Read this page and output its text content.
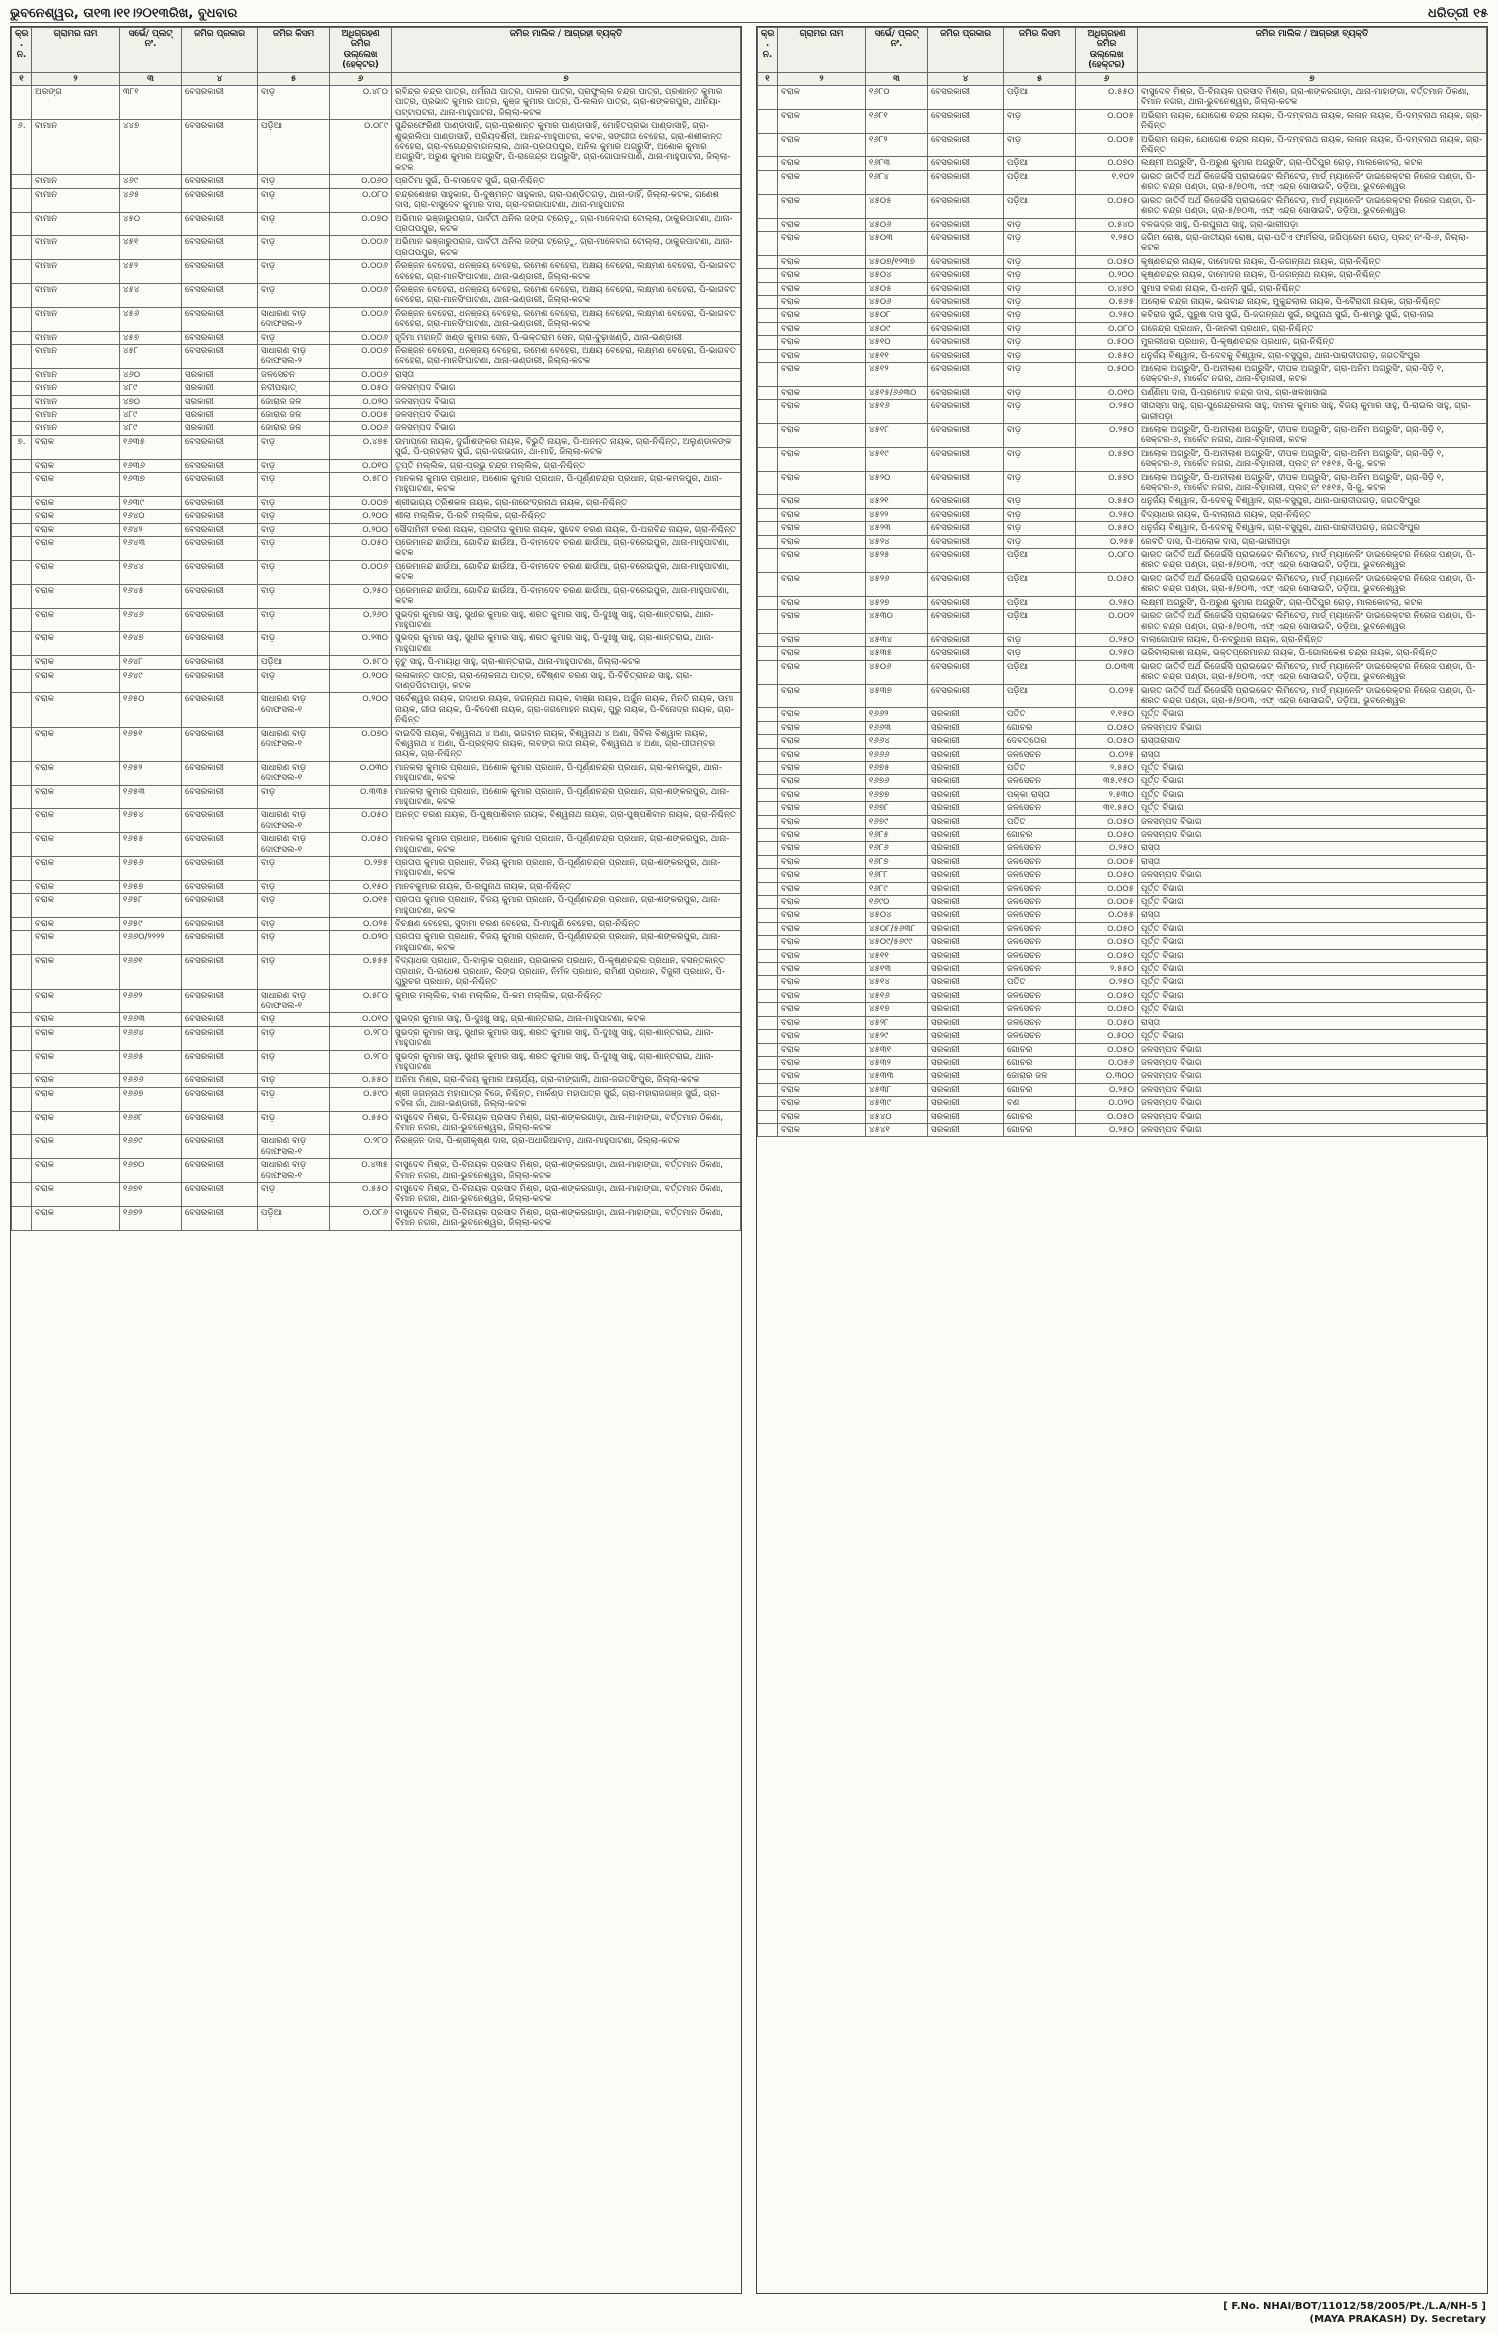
ଭୁବନେଶ୍ୱର, ତା୧୩।୧୧।୨୦୧୩ରିଖ, ବୁଧବାର	ଧରିତ୍ରୀ ୧୫
କ୍ର. ନ.	ଗ୍ରାମର ନାମ	ସର୍ଭେ/ ପ୍ଲଟ୍ ନଂ.	ଜମିର ପ୍ରକାର	ଜମିର କିସମ	ଅଧିଗ୍ରହଣ ଜମିର ଉଲ୍ଲେଖ (ହେକ୍ଟର)	ଜମିର ମାଲିକ / ଆଗ୍ରହୀ ବ୍ୟକ୍ତି
୧	୨	୩	୪	୫	୬	୭
	ଅରଙ୍ଗ	୩୮୧	ବେସରକାରୀ	ବାଡ଼	୦.୪୮୦	ରବିନ୍ଦ୍ର ଚନ୍ଦ୍ର ପାତ୍ର, ଧର୍ମନାଥ ପାତ୍ର, ପାଲର ପାତ୍ର, ପ୍ରଫୁଲ୍ଲ ଚନ୍ଦ୍ର ପାତ୍ର, ପ୍ରଶାନ୍ତ କୁମାର ପାତ୍ର, ପ୍ରଭାତ କୁମାର ପାତ୍ର, କୁଞ୍ଜ କୁମାର ପାତ୍ର, ପି-ଲଲନ ପାତ୍ର, ଗ୍ରା-ଶଙ୍କରପୁର, ଥାନିୟା-ପଟ୍ଟାପଟନା, ଥାନା-ମାହୁପାଟନା, ଜିଲ୍ଲା-କଟକ
୬.	ବାମାନ	୪୪୭	ବେସରକାରୀ	ପଡ଼ିଆ	୦.୦୮୯	ସୁନ୍ଦିରଫେରିଣୀ ପାଣ୍ଡାସାହି, ଗ୍ରା-ପ୍ରଶାନ୍ତ କୁମାର ପାଣ୍ଡାସାହି, ମୋହିତପ୍ରଭା ପାଣ୍ଡାସାହି, ଗ୍ରା-ଶୁଭ୍ରଲିପା ପାଣ୍ଡାସାହି, ପ୍ରିୟଦର୍ଶିନୀ, ଆନନ୍ଦ-ମାହୁପାଟନା, କଟକ, ସଙ୍ଗୀତା ବେହେରା, ଗ୍ରା-ଶଶୀକାନ୍ତ ବେହେରା, ଗ୍ରା-ବରେନ୍ଦ୍ରବାଗନଲାଲ, ଥାନା-ପ୍ରତାପପୁର, ଅନିଲ କୁମାର ଅଗ୍ରୁସିଂ, ଅଶୋକ କୁମାର ଅଗ୍ରୁସିଂ, ଅରୁଣ କୁମାର ଅଗ୍ରୁସିଂ, ପି-ରାଜେନ୍ଦ୍ର ଅଗ୍ରୁସିଂ, ଗ୍ରା-ଗୋପାଳପାଣି, ଥାନା-ମାହୁପାଟନା, ଜିଲ୍ଲା-କଟକ
	ବାମାନ	୪୬୯	ବେସରକାରୀ	ବାଡ଼	୦.୦୬୦	ପ୍ରତିମା ସୁଇଁ, ପି-ବାସଦେବ ସୁଇଁ, ଗ୍ରା-ନିଶ୍ଚିନ୍ତ
	ବାମାନ	୪୬୫	ବେସରକାରୀ	ବାଡ଼	୦.୦୮୦	ଚନ୍ଦ୍ରଶେଖର ସାହୁକାର, ପି-ଦୁଷ୍ମନ୍ତ ସାହୁକାର, ଗ୍ରା-ପଣ୍ଡିତଗଡ଼, ଥାନା-ଡାହିଁ, ଜିଲ୍ଲା-କଟକ, ଗଣେଶ ଦାସ, ଗ୍ରା-ବାସୁଦେବ କୁମାର ଦାସ, ଗ୍ରା-ଦରଗାପାଟଣା, ଥାନା-ମାହୁପାଟନା
	ବାମାନ	୪୫୦	ବେସରକାରୀ	ବାଡ଼	୦.୦୭୦	ଅଭିମାନ ଭଞ୍ଜାରୁପରାଜ, ପାର୍ବତୀ ଥନିଲ ଜଙ୍ଗ ଟ୍ରେଡ଼ୁ, ଗ୍ରା-ମାଳେବାଗ ଟୋଲ୍ଲା, ଠାକୁରପାଟଣା, ଥାନା-ପ୍ରତାପପୁର, କଟକ
	ବାମାନ	୪୫୧	ବେସରକାରୀ	ବାଡ଼	୦.୦୦୬	ଅଭିମାନ ଭଞ୍ଜାରୁପରାଜ, ପାର୍ବତୀ ଥନିଲ ଜଙ୍ଗ ଟ୍ରେଡ଼ୁ, ଗ୍ରା-ମାଳେବାଗ ଟୋଲ୍ଲା, ଠାକୁରପାଟଣା, ଥାନା-ପ୍ରତାପପୁର, କଟକ
	ବାମାନ	୪୫୨	ବେସରକାରୀ	ବାଡ଼	୦.୦୦୬	ନିରଞ୍ଜନ ବେହେରା, ଧନଞ୍ଜୟ ବେହେରା, ରମେଶ ବେହେରା, ଅକ୍ଷୟ ବେହେରା, ଲକ୍ଷ୍ମଣ ବେହେରା, ପି-ଭାଗବତ ବେହେରା, ଗ୍ରା-ମାନସିଂପାଟଣା, ଥାନା-ଭଣ୍ଡାରୀ, ଜିଲ୍ଲା-କଟକ
	ବାମାନ	୪୫୪	ବେସରକାରୀ	ବାଡ଼	୦.୦୦୬	ନିରଞ୍ଜନ ବେହେରା, ଧନଞ୍ଜୟ ବେହେରା, ରମେଶ ବେହେରା, ଅକ୍ଷୟ ବେହେରା, ଲକ୍ଷ୍ମଣ ବେହେରା, ପି-ଭାଗବତ ବେହେରା, ଗ୍ରା-ମାନସିଂପାଟଣା, ଥାନା-ଭଣ୍ଡାରୀ, ଜିଲ୍ଲା-କଟକ
	ବାମାନ	୪୫୬	ବେସରକାରୀ	ସାଧାରଣ ବାଡ଼ ଦୋଫସଲ-୨	୦.୦୦୬	ନିରଞ୍ଜନ ବେହେରା, ଧନଞ୍ଜୟ ବେହେରା, ରମେଶ ବେହେରା, ଅକ୍ଷୟ ବେହେରା, ଲକ୍ଷ୍ମଣ ବେହେରା, ପି-ଭାଗବତ ବେହେରା, ଗ୍ରା-ମାନସିଂପାଟଣା, ଥାନା-ଭଣ୍ଡାରୀ, ଜିଲ୍ଲା-କଟକ
	ବାମାନ	୪୫୭	ବେସରକାରୀ	ବାଡ଼	୦.୦୦୬	ହୃଦିମା ମହାନ୍ତି ଖଣ୍ଡ କୁମାର ସେନ, ପି-ଭକ୍ତରାମ ସେନ, ଗ୍ରା-ବୁଢ଼ାଖଣ୍ଡି, ଥାନା-ଭଣ୍ଡାରୀ
	ବାମାନ	୪୫୮	ବେସରକାରୀ	ସାଧାରଣ ବାଡ଼ ଦୋଫସଲ-୨	୦.୦୦୬	ନିରଞ୍ଜନ ବେହେରା, ଧନଞ୍ଜୟ ବେହେରା, ରମେଶ ବେହେରା, ଅକ୍ଷୟ ବେହେରା, ଲକ୍ଷ୍ମଣ ବେହେରା, ପି-ଭାଗବତ ବେହେରା, ଗ୍ରା-ମାନସିଂପାଟଣା, ଥାନା-ଭଣ୍ଡାରୀ, ଜିଲ୍ଲା-କଟକ
	ବାମାନ	୪୬୦	ସରକାରୀ	ଜଳସେଚନ	୦.୦୦୬	ରାସ୍ତା
	ବାମାନ	୪୮୯	ସରକାରୀ	ନଦୀପଶ୍ଚାତ୍	୦.୦୫୦	ଜଳସମ୍ପଦ ବିଭାଗ
	ବାମାନ	୪୭୦	ସରକାରୀ	ଜୋରାର ଜଳ	୦.୦୨୦	ଜଳସମ୍ପଦ ବିଭାଗ
	ବାମାନ	୪୮୯	ସରକାରୀ	ଜୋରାର ଜଳ	୦.୦୦୫	ଜଳସମ୍ପଦ ବିଭାଗ
	ବାମାନ	୪୮୯	ସରକାରୀ	ଜୋରାର ଜଳ	୦.୦୦୬	ଜଳସମ୍ପଦ ବିଭାଗ
୭.	ବରାକ	୧୬୩୫	ବେସରକାରୀ	ବାଡ଼	୦.୪୭୫	ଉମାପ୍ରେ ନାୟକ, ଦୁର୍ଗାଶଙ୍କର ନାୟକ, ବିଭୁତି ନାୟକ, ପି-ଅନନ୍ତ ନାୟକ, ଗ୍ରା-ନିଶ୍ଚିନ୍ତ, ଅଲୁଣ୍ଡାଳଙ୍କ ସୁଇଁ, ପି-ପ୍ରହଲାଦ ସୁଇଁ, ଗ୍ରା-ଜଗଭଗନ, ଥା-ମାହି, ଜିଲ୍ଲା-କଟକ
	ବରାକ	୧୬୩୬	ବେସରକାରୀ	ବାଡ଼	୦.୦୧୦	ତୃପ୍ତି ମଲ୍ଲିକ, ଗ୍ରା-ପ୍ରଭୁ ଚନ୍ଦ୍ର ମଲ୍ଲିକ, ଗ୍ରା-ନିଶ୍ଚିନ୍ତ
	ବରାକ	୧୬୩୭	ବେସରକାରୀ	ବାଡ଼	୦.୫୮୦	ମାନକଲା କୁମାର ପ୍ରଧାନ, ଅଶୋକ କୁମାର ପ୍ରଧାନ, ପି-ପୂର୍ଣ୍ଣଚନ୍ଦ୍ର ପ୍ରଧାନ, ଗ୍ରା-କମଳପୁର, ଥାନା-ମାହୁପାଟଣା, କଟକ
	ବରାକ	୧୬୩୯	ବେସରକାରୀ	ବାଡ଼	୦.୦୦୭	ଶ୍ରୀଭାଗ୍ୟ ତ୍ରିଶକଳ ନାୟକ, ଗ୍ରା-ନାରେଂଦ୍ରନାଥ ନାୟକ, ଗ୍ରା-ନିଶ୍ଚିନ୍ତ
	ବରାକ	୧୬୪୦	ବେସରକାରୀ	ବାଡ଼	୦.୨୦୦	ଶୀଲା ମଲ୍ଲିକ, ପି-ରବି ମଲ୍ଲିକ, ଗ୍ରା-ନିଶ୍ଚିନ୍ତ
	ବରାକ	୧୬୪୨	ବେସରକାରୀ	ବାଡ଼	୦.୨୦୦	ସୌଦାମିନୀ ଚରଣ ନାୟକ, ପ୍ରଦୀପ କୁମାର ନାୟକ, ସୁଦେବ ଚରଣ ନାୟକ, ପି-ଅରବିନ୍ଦ ନାୟକ, ଗ୍ରା-ନିଶ୍ଚିନ୍ତ
	ବରାକ	୧୬୪୩	ବେସରକାରୀ	ବାଡ଼	୦.୦୫୦	ପ୍ରେମାନନ୍ଦ ଛାଉଁଆ, ଗୋବିନ୍ଦ ଛାଉଁଆ, ପି-ବାମଦେବ ଚରଣ ଛାଉଁଆ, ଗ୍ରା-ବରେଇପୁର, ଥାନା-ମାହୁପାଟଣା, କଟକ
	ବରାକ	୧୬୪୪	ବେସରକାରୀ	ବାଡ଼	୦.୦୦୬	ପ୍ରେମାନନ୍ଦ ଛାଉଁଆ, ଗୋବିନ୍ଦ ଛାଉଁଆ, ପି-ବାମଦେବ ଚରଣ ଛାଉଁଆ, ଗ୍ରା-ବରେଇପୁର, ଥାନା-ମାହୁପାଟଣା, କଟକ
	ବରାକ	୧୬୪୫	ବେସରକାରୀ	ବାଡ଼	୦.୨୫୦	ପ୍ରେମାନନ୍ଦ ଛାଉଁଆ, ଗୋବିନ୍ଦ ଛାଉଁଆ, ପି-ବାମଦେବ ଚରଣ ଛାଉଁଆ, ଗ୍ରା-ବରେଇପୁର, ଥାନା-ମାହୁପାଟଣା, କଟକ
	ବରାକ	୧୬୪୬	ବେସରକାରୀ	ବାଡ଼	୦.୨୬୦	ସୁଭଦ୍ର କୁମାର ସାହୁ, ସୁଧୀର କୁମାର ସାହୁ, ଶରତ କୁମାର ସାହୁ, ପି-ଦୁଃଖୁ ସାହୁ, ଗ୍ରା-ଶାନ୍ତରାଇ, ଥାନା-ମାହୁପାଟଣା
	ବରାକ	୧୬୪୭	ବେସରକାରୀ	ବାଡ଼	୦.୨୩୦	ସୁଭଦ୍ର କୁମାର ସାହୁ, ସୁଧୀର କୁମାର ସାହୁ, ଶରତ କୁମାର ସାହୁ, ପି-ଦୁଃଖୁ ସାହୁ, ଗ୍ରା-ଶାନ୍ତରାଇ, ଥାନା-ମାହୁପାଟଣା
	ବରାକ	୧୬୪୮	ବେସରକାରୀ	ପଡ଼ିଆ	୦.୫୮୦	ନୁଟୁ ସାହୁ, ପି-ମାୟାଧି ସାହୁ, ଗ୍ରା-ଶାନ୍ତରାଇ, ଥାନା-ମାହୁପାଟଣା, ଜିଲ୍ଲା-କଟକ
	ବରାକ	୧୬୪୯	ବେସରକାରୀ	ବାଡ଼	୦.୨୦୦	ଲଳାକାନ୍ତ ପାତ୍ର, ଗ୍ରା-ଲୋକନାଥ ପାତ୍ର, ବୈଷ୍ଣବ ଚରଣ ସାହୁ, ପି-ବିଚିତ୍ରାନନ୍ଦ ସାହୁ, ଗ୍ରା-ଦାଣ୍ଡପିଟାପାଡ଼ା, କଟକ
	ବରାକ	୧୬୫୦	ବେସରକାରୀ	ସାଧାରଣ ବାଡ଼ ଦୋଫସଲ-୧	୦.୨୦୦	ସର୍ବେଶ୍ୱର ନାୟକ, ଗଦାଧର ନାୟକ, ଜଗନ୍ନାଥ ନାୟକ, ବାଞ୍ଛା ନାୟକ, ଅର୍ଜୁନ ନାୟକ, ମିନତି ନାୟକ, ଉମା ନାୟକ, ଗୀତା ନାୟକ, ପି-ବିଦେଶୀ ନାୟକ, ଗ୍ରା-ଜଗମୋହନ ନାୟକ, ପୁରୁ ନାୟକ, ପି-ବିନୋଦ୍ର ନାୟକ, ଗ୍ରା-ନିଶ୍ଚିନ୍ତ
	ବରାକ	୧୬୫୧	ବେସରକାରୀ	ସାଧାରଣ ବାଡ଼ ଦୋଫସଲ-୧	୦.୦୭୦	ବାଇଦିସି ନାୟକ, ବିଶ୍ୱନାଥ ୪ ଅଣା, ଭଗବାନ ନାୟକ, ବିଶ୍ୱନାଥ ୪ ଅଣା, ସିବିଲ ବିଶ୍ୱାଳ ନାୟକ, ବିଶ୍ୱନାଥ ୪ ଅଣା, ପି-ପ୍ରହ୍ଲାଦ ନାୟକ, ଲବଙ୍ଗ ଲତା ନାୟକ, ବିଶ୍ୱନାଥ ୪ ଅଣା, ଗ୍ରା-ପୀତାମ୍ବର ନାୟକ, ଗ୍ରା-ନିଶ୍ଚିନ୍ତ
	ବରାକ	୧୬୫୨	ବେସରକାରୀ	ସାଧାରଣ ବାଡ଼ ଦୋଫସଲ-୧	୦.୦୩୦	ମାନକଲା କୁମାର ପ୍ରଧାନ, ଅଶୋକ କୁମାର ପ୍ରଧାନ, ପି-ପୂର୍ଣ୍ଣଚନ୍ଦ୍ର ପ୍ରଧାନ, ଗ୍ରା-କମଳପୁର, ଥାନା-ମାହୁପାଟଣା, କଟକ
	ବରାକ	୧୬୫୩	ବେସରକାରୀ	ବାଡ଼	୦.୩୩୫	ମାନକଲା କୁମାର ପ୍ରଧାନ, ଅଶୋକ କୁମାର ପ୍ରଧାନ, ପି-ପୂର୍ଣ୍ଣଚନ୍ଦ୍ର ପ୍ରଧାନ, ଗ୍ରା-ଶଙ୍କରପୁର, ଥାନା-ମାହୁପାଟଣା, କଟକ
	ବରାକ	୧୬୫୪	ବେସରକାରୀ	ସାଧାରଣ ବାଡ଼ ଦୋଫସଲ-୧	୦.୦୫୦	ଅନନ୍ତ ଚରଣ ନାୟକ, ପି-ପୁଷ୍ପାଶିବାନ ନାୟକ, ବିଶ୍ୱନାଥ ନାୟକ, ଗ୍ରା-ପୁଷ୍ପଶିବାନ ନାୟକ, ଗ୍ରା-ନିଶ୍ଚିନ୍ତ
	ବରାକ	୧୬୫୫	ବେସରକାରୀ	ସାଧାରଣ ବାଡ଼ ଦୋଫସଲ-୧	୦.୦୫୦	ମାନକଲା କୁମାର ପ୍ରଧାନ, ଅଶୋକ କୁମାର ପ୍ରଧାନ, ପି-ପୂର୍ଣ୍ଣଚନ୍ଦ୍ର ପ୍ରଧାନ, ଗ୍ରା-ଶଙ୍କରପୁର, ଥାନା-ମାହୁପାଟଣା, କଟକ
	ବରାକ	୧୬୫୬	ବେସରକାରୀ	ବାଡ଼	୦.୨୭୫	ପ୍ରତାପ କୁମାର ପ୍ରଧାନ, ବିଜୟ କୁମାର ପ୍ରଧାନ, ପି-ପୂର୍ଣ୍ଣଚନ୍ଦ୍ର ପ୍ରଧାନ, ଗ୍ରା-ଶଙ୍କରପୁର, ଥାନା-ମାହୁପାଟଣା, କଟକ
	ବରାକ	୧୬୫୭	ବେସରକାରୀ	ବାଡ଼	୦.୧୫୦	ମାନବକୁମାର ନାୟକ, ପି-ରଘୁନାଥ ନାୟକ, ଗ୍ରା-ନିଶ୍ଚିନ୍ତ
	ବରାକ	୧୬୫୮	ବେସରକାରୀ	ବାଡ଼	୦.୦୧୫	ପ୍ରତାପ କୁମାର ପ୍ରଧାନ, ବିଜୟ କୁମାର ପ୍ରଧାନ, ପି-ପୂର୍ଣ୍ଣଚନ୍ଦ୍ର ପ୍ରଧାନ, ଗ୍ରା-ଶଙ୍କରପୁର, ଥାନା-ମାହୁପାଟଣା, କଟକ
	ବରାକ	୧୬୫୯	ବେସରକାରୀ	ବାଡ଼	୦.୦୨୫	ବିଚକ୍ଷଣ ବେହେରା, ସୁଦାମା ଚରଣ ବେହେରା, ପି-ମାଗୁଣି ବେହେରା, ଗ୍ରା-ନିଶ୍ଚିନ୍ତ
	ବରାକ	୧୬୬୦/୨୨୨୨	ବେସରକାରୀ	ବାଡ଼	୦.୦୨୦	ପ୍ରତାପ କୁମାର ପ୍ରଧାନ, ବିଜୟ କୁମାର ପ୍ରଧାନ, ପି-ପୂର୍ଣ୍ଣଚନ୍ଦ୍ର ପ୍ରଧାନ, ଗ୍ରା-ଶଙ୍କରପୁର, ଥାନା-ମାହୁପାଟଣା, କଟକ
	ବରାକ	୧୬୬୧	ବେସରକାରୀ	ବାଡ଼	୦.୫୫୫	ବିଦ୍ୟାଧର ପ୍ରଧାନ, ପି-ବାଲୁକ ପ୍ରଧାନ, ପ୍ରଭାକର ପ୍ରଧାନ, ପି-କୃଷ୍ଣଚନ୍ଦ୍ର ପ୍ରଧାନ, ବସନ୍ତକାନ୍ତ ପ୍ରଧାନ, ପି-ରାଧେଶ ପ୍ରଧାନ, ଲିଙ୍ଗ ପ୍ରଧାନ, ନିର୍ମଳ ପ୍ରଧାନ, ରାମିଣୀ ପ୍ରଧାନ, ବିଜୁଳୀ ପ୍ରଧାନ, ପି-ଗୁରୁଚର ପ୍ରଧାନ, ଗ୍ରା-ନିଶ୍ଚିନ୍ତ
	ବରାକ	୧୬୬୨	ବେସରକାରୀ	ସାଧାରଣ ବାଡ଼ ଦୋଫସଲ-୧	୦.୫୮୦	କୁମାର ମଲ୍ଲିକ, ବାଣ ମଲ୍ଲିକ, ପି-କମ ମଲ୍ଲିକ, ଗ୍ରା-ନିଶ୍ଚିନ୍ତ
	ବରାକ	୧୬୬୩	ବେସରକାରୀ	ବାଡ଼	୦.୦୧୦	ସୁଭଦ୍ର କୁମାର ସାହୁ, ପି-ଦୁଃଖୁ ସାହୁ, ଗ୍ରା-ଶାନ୍ତରାଇ, ଥାନା-ମାହୁପାଟଣା, କଟକ
	ବରାକ	୧୬୬୪	ବେସରକାରୀ	ବାଡ଼	୦.୨୮୦	ସୁଭଦ୍ର କୁମାର ସାହୁ, ସୁଧୀର କୁମାର ସାହୁ, ଶରତ କୁମାର ସାହୁ, ପି-ଦୁଃଖୁ ସାହୁ, ଗ୍ରା-ଶାନ୍ତରାଇ, ଥାନା-ମାହୁପାଟଣା
	ବରାକ	୧୬୬୫	ବେସରକାରୀ	ବାଡ଼	୦.୨୮୦	ସୁଭଦ୍ର କୁମାର ସାହୁ, ସୁଧୀର କୁମାର ସାହୁ, ଶରତ କୁମାର ସାହୁ, ପି-ଦୁଃଖୁ ସାହୁ, ଗ୍ରା-ଶାନ୍ତରାଇ, ଥାନା-ମାହୁପାଟଣା
	ବରାକ	୧୬୬୬	ବେସରକାରୀ	ବାଡ଼	୦.୫୫୦	ଅନିମା ମିଶ୍ର, ଗ୍ରା-ବିଜୟ କୁମାର ଆଚାର୍ଯ୍ୟ, ଗ୍ରା-ବାଙ୍ଗାଲି, ଥାନା-ଜଗତସିଂପୁର, ଜିଲ୍ଲା-କଟକ
	ବରାକ	୧୬୬୭	ବେସରକାରୀ	ବାଡ଼	୦.୫୯୦	ଶ୍ରୀ ଜଗନ୍ନାଥ ମହାପାତ୍ର ବିଜେ, ନିଶ୍ଚିନ୍ତ, ମାର୍କଣ୍ଡ ମହାପାତ୍ର ସୁଇଁ, ଗ୍ରା-ମହାରାଜଗଞ୍ଜ ସୁଇଁ, ଗ୍ରା-ବହିଳା ଗାଁ, ଥାନା-ଭଣ୍ଡାରୀ, ଜିଲ୍ଲା-କଟକ
	ବରାକ	୧୬୬୮	ବେସରକାରୀ	ବାଡ଼	୦.୫୫୦	ବାସୁଦେବ ମିଶ୍ର, ପି-ବିନାୟକ ପ୍ରସାଦ ମିଶ୍ର, ଗ୍ରା-ଶଙ୍କରଗାଡ଼ା, ଥାନା-ମାହାଙ୍ଗା, ବର୍ତ୍ତମାନ ଠିକଣା, ବିମାନ ନଗର, ଥାନା-ଭୁବନେଶ୍ୱର, ଜିଲ୍ଲା-କଟକ
	ବରାକ	୧୬୬୯	ବେସରକାରୀ	ସାଧାରଣ ବାଡ଼ ଦୋଫସଲ-୧	୦.୨୮୦	ନିରଞ୍ଜନ ଦାସ, ପି-ଶ୍ରୀକୃଷ୍ଣ ଦାସ, ଗ୍ରା-ଅଧାରିଆବାଡ଼, ଥାନା-ମାହୁପାଟଣା, ଜିଲ୍ଲା-କଟକ
	ବରାକ	୧୬୭୦	ବେସରକାରୀ	ସାଧାରଣ ବାଡ଼ ଦୋଫସଲ-୧	୦.୪୩୫	ବାସୁଦେବ ମିଶ୍ର, ପି-ବିନାୟକ ପ୍ରସାଦ ମିଶ୍ର, ଗ୍ରା-ଶଙ୍କରଗାଡ଼ା, ଥାନା-ମାହାଙ୍ଗା, ବର୍ତ୍ତମାନ ଠିକଣା, ବିମାନ ନଗର, ଥାନା-ଭୁବନେଶ୍ୱର, ଜିଲ୍ଲା-କଟକ
	ବରାକ	୧୬୭୧	ବେସରକାରୀ	ବାଡ଼	୦.୫୫୦	ବାସୁଦେବ ମିଶ୍ର, ପି-ବିନାୟକ ପ୍ରସାଦ ମିଶ୍ର, ଗ୍ରା-ଶଙ୍କରଗାଡ଼ା, ଥାନା-ମାହାଙ୍ଗା, ବର୍ତ୍ତମାନ ଠିକଣା, ବିମାନ ନଗର, ଥାନା-ଭୁବନେଶ୍ୱର, ଜିଲ୍ଲା-କଟକ
	ବରାକ	୧୬୭୨	ବେସରକାରୀ	ପଡ଼ିଆ	୦.୦୮୬	ବାସୁଦେବ ମିଶ୍ର, ପି-ବିନାୟକ ପ୍ରସାଦ ମିଶ୍ର, ଗ୍ରା-ଶଙ୍କରଗାଡ଼ା, ଥାନା-ମାହାଙ୍ଗା, ବର୍ତ୍ତମାନ ଠିକଣା, ବିମାନ ନଗର, ଥାନା-ଭୁବନେଶ୍ୱର, ଜିଲ୍ଲା-କଟକ
କ୍ର. ନ.	ଗ୍ରାମର ନାମ	ସର୍ଭେ/ ପ୍ଲଟ୍ ନଂ.	ଜମିର ପ୍ରକାର	ଜମିର କିସମ	ଅଧିଗ୍ରହଣ ଜମିର ଉଲ୍ଲେଖ (ହେକ୍ଟର)	ଜମିର ମାଲିକ / ଆଗ୍ରହୀ ବ୍ୟକ୍ତି
୧	୨	୩	୪	୫	୬	୭
	ବରାକ	୧୬୮୦	ବେସରକାରୀ	ପଡ଼ିଆ	୦.୫୫୦	ବାସୁଦେବ ମିଶ୍ର, ପି-ବିନାୟକ ପ୍ରସାଦ ମିଶ୍ର, ଗ୍ରା-ଶଙ୍କରଗାଡ଼ା, ଥାନା-ମାହାଙ୍ଗା, ବର୍ତ୍ତମାନ ଠିକଣା, ବିମାନ ନଗର, ଥାନା-ଭୁବନେଶ୍ୱର, ଜିଲ୍ଲା-କଟକ
	ବରାକ	୧୬୮୧	ବେସରକାରୀ	ବାଡ଼	୦.୦୦୫	ଅଭିରାମ ନାୟକ, ଯୋଗେଶ ଚନ୍ଦ୍ର ନାୟକ, ପି-ଦମ୍ବନାଥ ନାୟକ, ଲଳାନ ନାୟକ, ପି-ଦମ୍ବନାଥ ନାୟକ, ଗ୍ରା-ନିଶ୍ଚିନ୍ତ
	ବରାକ	୧୬୮୨	ବେସରକାରୀ	ବାଡ଼	୦.୦୦୫	ଅଭିରାମ ନାୟକ, ଯୋଗେଶ ଚନ୍ଦ୍ର ନାୟକ, ପି-ଦମ୍ବନାଥ ନାୟକ, ଲଳାନ ନାୟକ, ପି-ଦମ୍ବନାଥ ନାୟକ, ଗ୍ରା-ନିଶ୍ଚିନ୍ତ
	ବରାକ	୧୬୮୩	ବେସରକାରୀ	ପଡ଼ିଆ	୦.୦୭୦	ଲକ୍ଷ୍ମୀ ଅଗ୍ରୁସିଂ, ପି-ଅରୁଣ କୁମାର ଅଗ୍ରୁସିଂ, ଗ୍ରା-ପିତିପୁର ରୋଡ଼, ମାଲକୋଟଲା, କଟକ
	ବରାକ	୧୬୮୪	ବେସରକାରୀ	ପଡ଼ିଆ	୧.୧୦୨	ଭାରତ ଜାତିର୍ଦ ଅର୍ଥ ରିଜେର୍ଭସି ପ୍ରାଇଭେଟ ଲିମିଟେଡ୍, ମାର୍ଡ୍ ମ୍ୟାନେଜିଂ ଡାଇରେକ୍ଟର ନିରେଜ ପଣ୍ଡା, ପି-ଶରତ ଚନ୍ଦ୍ର ପଣ୍ଡା, ଗ୍ରା-୫/୭୦୩, ଏଫ୍ ଏନ୍ଦ୍ର ସୋସାଇଟି, ଡଡ଼ିଆ, ଭୁବନେଶ୍ୱର
	ବରାକ	୪୫୦୫	ବେସରକାରୀ	ପଡ଼ିଆ	୦.୦୫୦	ଭାରତ ଜାତିର୍ଦ ଅର୍ଥ ରିଜେର୍ଭସି ପ୍ରାଇଭେଟ ଲିମିଟେଡ୍, ମାର୍ଡ୍ ମ୍ୟାନେଜିଂ ଡାଇରେକ୍ଟର ନିରେଜ ପଣ୍ଡା, ପି-ଶରତ ଚନ୍ଦ୍ର ପଣ୍ଡା, ଗ୍ରା-୫/୭୦୩, ଏଫ୍ ଏନ୍ଦ୍ର ସୋସାଇଟି, ଡଡ଼ିଆ, ଭୁବନେଶ୍ୱର
	ବରାକ	୪୫୦୬	ବେସରକାରୀ	ବାଡ଼	୦.୫୪୦	ବଳଭଦ୍ର ସାହୁ, ପି-ରଘୁନାଥ ସାହୁ, ଗ୍ରା-ଭାରୀପଡ଼ା
	ବରାକ	୪୫୦୩	ବେସରକାରୀ	ବାଡ଼	୧.୨୫୦	ଜଗିମ ରୋଷ, ଗ୍ରା-ଜାତୀୟର ରୋଷ, ଗ୍ରା-ପତିଏ ଫାର୍ମରସ, ଜଗିପ୍ରେମ ରୋଡ୍, ପ୍ଲଟ୍ ନଂ-ସି-୬, ଜିଲ୍ଲା-କଟକ
	ବରାକ	୪୫୦୭/୧୨୩୭	ବେସରକାରୀ	ବାଡ଼	୦.୦୫୦	କୃଷ୍ଣଚନ୍ଦ୍ର ନାୟକ, ଦାମୋଦର ନାୟକ, ପି-ଜଗନ୍ନାଥ ନାୟକ, ଗ୍ରା-ନିଶ୍ଚିନ୍ତ
	ବରାକ	୪୫୦୪	ବେସରକାରୀ	ବାଡ଼	୦.୨୦୦	କୃଷ୍ଣଚନ୍ଦ୍ର ନାୟକ, ଦାମୋଦର ନାୟକ, ପି-ଜଗନ୍ନାଥ ନାୟକ, ଗ୍ରା-ନିଶ୍ଚିନ୍ତ
	ବରାକ	୪୫୦୫	ବେସରକାରୀ	ବାଡ଼	୦.୪୭୦	ସୁମାସ ଚରଣ ନାୟକ, ପି-ଧନ୍ନି ସୁଇଁ, ଗ୍ରା-ନିଶ୍ଚିନ୍ତ
	ବରାକ	୪୫୦୬	ବେସରକାରୀ	ବାଡ଼	୦.୫୬୫	ଅଲୋକ ଚନ୍ଦ୍ର ନାୟକ, ଭଗବାନ୍ଦ ନାୟକ, ମୁକୁନ୍ଦଲାଲ ନାୟକ, ପି-ବୈରାଗୀ ନାୟକ, ଗ୍ରା-ନିଶ୍ଚିନ୍ତ
	ବରାକ	୪୫୦୮	ବେସରକାରୀ	ବାଡ଼	୦.୨୫୦	କବିରାଜ ସୁଇଁ, ପୁରୁଷ ଦାସ ସୁଇଁ, ପି-ଜଗନ୍ନାଥ ସୁଇଁ, ରଘୁନାଥ ସୁଇଁ, ପି-ଶମ୍ଭୁ ସୁଇଁ, ଗ୍ରା-ନାଇ
	ବରାକ	୪୫୦୯	ବେସରକାରୀ	ବାଡ଼	୦.୦୮୦	ଗଜେନ୍ଦ୍ର ପ୍ରଧାନ, ପି-ଜାନକୀ ପ୍ରଧାନ, ଗ୍ରା-ନିଶ୍ଚିନ୍ତ
	ବରାକ	୪୫୧୦	ବେସରକାରୀ	ବାଡ଼	୦.୫୦୦	ମୁରଲୀଧର ପ୍ରଧାନ, ପି-କୃଷ୍ଣଚନ୍ଦ୍ର ପ୍ରଧାନ, ଗ୍ରା-ନିଶ୍ଚିନ୍ତ
	ବରାକ	୪୫୧୧	ବେସରକାରୀ	ବାଡ଼	୦.୫୫୦	ଧନୁର୍ଜୟ ବିଶ୍ୱାଳ, ପି-ଦେବକୁ ବିଶ୍ୱାଳ, ଗ୍ରା-ବସୁପୁର, ଥାନା-ପାରାଦୀପଗଡ଼, ଜଗତସିଂପୁର
	ବରାକ	୪୫୧୨	ବେସରକାରୀ	ବାଡ଼	୦.୫୦୦	ଆଲୋକ ଅଗ୍ରୁସିଂ, ପି-ଅନୀଲାଶ ଅଗ୍ରୁସିଂ, ଦୀପକ ଅଗ୍ରୁସିଂ, ଗ୍ରା-ଅନିମ ଅଗ୍ରୁସିଂ, ଗ୍ରା-ସିଡ଼ି ୧, ସେକ୍ଟର-୬, ମାର୍କେଟ ନଗର, ଥାନା-ବିଡ଼ାନାସୀ, କଟକ
	ବରାକ	୪୫୧୫/୬୬୩୦	ବେସରକାରୀ	ବାଡ଼	୦.୦୧୦	ପର୍ଣ୍ଣିମା ଦାସ, ପି-ପ୍ରମୋଦ ଚନ୍ଦ୍ର ଦାସ, ଗ୍ରା-ଖଳଖାସାଇ
	ବରାକ	୪୫୧୬	ବେସରକାରୀ	ବାଡ଼	୦.୨୫୦	ସୀତାସ୍ମା ସାହୁ, ଗ୍ରା-ପୁରେନ୍ଦ୍ରଳାଲ ସାହୁ, ଦାମଲ କୁମାର ସାହୁ, ବିଜୟ କୁମାର ସାହୁ, ପି-ରାଇଲ ସାହୁ, ଗ୍ରା-ଭାରୀପଡ଼ା
	ବରାକ	୪୫୧୮	ବେସରକାରୀ	ବାଡ଼	୦.୨୫୦	ଆଲୋକ ଅଗ୍ରୁସିଂ, ପି-ଅନୀଲାଶ ଅଗ୍ରୁସିଂ, ଦୀପକ ଅଗ୍ରୁସିଂ, ଗ୍ରା-ଅନିମ ଅଗ୍ରୁସିଂ, ଗ୍ରା-ସିଡ଼ି ୧, ସେକ୍ଟର-୬, ମାର୍କେଟ ନଗର, ଥାନା-ବିଡ଼ାନାସୀ, କଟକ
	ବରାକ	୪୫୧୯	ବେସରକାରୀ	ବାଡ଼	୦.୫୭୦	ଆଲୋକ ଅଗ୍ରୁସିଂ, ପି-ଅନୀଲାଶ ଅଗ୍ରୁସିଂ, ଦୀପକ ଅଗ୍ରୁସିଂ, ଗ୍ରା-ଅନିମ ଅଗ୍ରୁସିଂ, ଗ୍ରା-ସିଡ଼ି ୧, ସେକ୍ଟର-୬, ମାର୍କେଟ ନଗର, ଥାନା-ବିଡ଼ାନାସୀ, ପ୍ଲଟ୍ ନଂ ୧୫୧୫, ସି-ଜୁ, କଟକ
	ବରାକ	୪୫୨୦	ବେସରକାରୀ	ବାଡ଼	୦.୫୭୦	ଆଲୋକ ଅଗ୍ରୁସିଂ, ପି-ଅନୀଲାଶ ଅଗ୍ରୁସିଂ, ଦୀପକ ଅଗ୍ରୁସିଂ, ଗ୍ରା-ଅନିମ ଅଗ୍ରୁସିଂ, ଗ୍ରା-ସିଡ଼ି ୧, ସେକ୍ଟର-୬, ମାର୍କେଟ ନଗର, ଥାନା-ବିଡ଼ାନାସୀ, ପ୍ଲଟ୍ ନଂ ୧୫୧୫, ସି-ଜୁ, କଟକ
	ବରାକ	୪୫୨୧	ବେସରକାରୀ	ବାଡ଼	୦.୫୫୦	ଧନୁର୍ଜୟ ବିଶ୍ୱାଳ, ପି-ଦେବକୁ ବିଶ୍ୱାଳ, ଗ୍ରା-ବସୁପୁର, ଥାନା-ପାରାଦୀପଗଡ଼, ଜଗତସିଂପୁର
	ବରାକ	୪୫୨୨	ବେସରକାରୀ	ବାଡ଼	୦.୨୫୦	ବିଦ୍ୟାଧର ନାୟକ, ପି-ବାଲାନାଥ ନାୟକ, ଗ୍ରା-ନିଶ୍ଚିନ୍ତ
	ବରାକ	୪୫୨୩	ବେସରକାରୀ	ବାଡ଼	୦.୫୫୦	ଧନୁର୍ଜୟ ବିଶ୍ୱାଳ, ପି-ଦେବକୁ ବିଶ୍ୱାଳ, ଗ୍ରା-ବସୁପୁର, ଥାନା-ପାରାଦୀପଗଡ଼, ଜଗତସିଂପୁର
	ବରାକ	୪୫୨୪	ବେସରକାରୀ	ବାଡ଼	୦.୨୫୫	ରେବତି ଦାସ, ପି-ଅଲୋକ ଦାସ, ଗ୍ରା-ଭାରୀପଡ଼ା
	ବରାକ	୪୫୨୫	ବେସରକାରୀ	ପଡ଼ିଆ	୦.୦୮୦	ଭାରତ ଜାତିର୍ଦ ଅର୍ଥ ରିଜେର୍ଭସି ପ୍ରାଇଭେଟ ଲିମିଟେଡ୍, ମାର୍ଡ୍ ମ୍ୟାନେଜିଂ ଡାଇରେକ୍ଟର ନିରେଜ ପଣ୍ଡା, ପି-ଶରତ ଚନ୍ଦ୍ର ପଣ୍ଡା, ଗ୍ରା-୫/୭୦୩, ଏଫ୍ ଏନ୍ଦ୍ର ସୋସାଇଟି, ଡଡ଼ିଆ, ଭୁବନେଶ୍ୱର
	ବରାକ	୪୫୨୬	ବେସରକାରୀ	ପଡ଼ିଆ	୦.୦୫୦	ଭାରତ ଜାତିର୍ଦ ଅର୍ଥ ରିଜେର୍ଭସି ପ୍ରାଇଭେଟ ଲିମିଟେଡ୍, ମାର୍ଡ୍ ମ୍ୟାନେଜିଂ ଡାଇରେକ୍ଟର ନିରେଜ ପଣ୍ଡା, ପି-ଶରତ ଚନ୍ଦ୍ର ପଣ୍ଡା, ଗ୍ରା-୫/୭୦୩, ଏଫ୍ ଏନ୍ଦ୍ର ସୋସାଇଟି, ଡଡ଼ିଆ, ଭୁବନେଶ୍ୱର
	ବରାକ	୪୫୨୭	ବେସରକାରୀ	ପଡ଼ିଆ	୦.୨୫୦	ଲକ୍ଷ୍ମୀ ଅଗ୍ରୁସିଂ, ପି-ଅରୁଣ କୁମାର ଅଗ୍ରୁସିଂ, ଗ୍ରା-ପିତିପୁର ରୋଡ଼, ମାଲକୋଟଲା, କଟକ
	ବରାକ	୪୫୩୦	ବେସରକାରୀ	ପଡ଼ିଆ	୦.୦୦୨	ଭାରତ ଜାତିର୍ଦ ଅର୍ଥ ରିଜେର୍ଭସି ପ୍ରାଇଭେଟ ଲିମିଟେଡ୍, ମାର୍ଡ୍ ମ୍ୟାନେଜିଂ ଡାଇରେକ୍ଟର ନିରେଜ ପଣ୍ଡା, ପି-ଶରତ ଚନ୍ଦ୍ର ପଣ୍ଡା, ଗ୍ରା-୫/୭୦୩, ଏଫ୍ ଏନ୍ଦ୍ର ସୋସାଇଟି, ଡଡ଼ିଆ, ଭୁବନେଶ୍ୱର
	ବରାକ	୪୫୩୪	ବେସରକାରୀ	ବାଡ଼	୦.୨୫୦	ବାଲାଗୋପାଳ ନାୟକ, ପି-ନବ୍ରୁଧର ନାୟକ, ଗ୍ରା-ନିଶ୍ଚିନ୍ତ
	ବରାକ	୪୫୩୫	ବେସରକାରୀ	ବାଡ଼	୦.୨୫୦	ଭରିବାଲାକାଶ ନାୟକ, ଭକ୍ତପ୍ରେମାନନ୍ଦ ନାୟକ, ପି-ଗୋଲକେଶ ଚନ୍ଦ୍ର ନାୟକ, ଗ୍ରା-ନିଶ୍ଚିନ୍ତ
	ବରାକ	୪୫୦୬	ବେସରକାରୀ	ପଡ଼ିଆ	୦.୦୩୩	ଭାରତ ଜାତିର୍ଦ ଅର୍ଥ ରିଜେର୍ଭସି ପ୍ରାଇଭେଟ ଲିମିଟେଡ୍, ମାର୍ଡ୍ ମ୍ୟାନେଜିଂ ଡାଇରେକ୍ଟର ନିରେଜ ପଣ୍ଡା, ପି-ଶରତ ଚନ୍ଦ୍ର ପଣ୍ଡା, ଗ୍ରା-୫/୭୦୩, ଏଫ୍ ଏନ୍ଦ୍ର ସୋସାଇଟି, ଡଡ଼ିଆ, ଭୁବନେଶ୍ୱର
	ବରାକ	୪୫୩୭	ବେସରକାରୀ	ପଡ଼ିଆ	୦.୦୨୫	ଭାରତ ଜାତିର୍ଦ ଅର୍ଥ ରିଜେର୍ଭସି ପ୍ରାଇଭେଟ ଲିମିଟେଡ୍, ମାର୍ଡ୍ ମ୍ୟାନେଜିଂ ଡାଇରେକ୍ଟର ନିରେଜ ପଣ୍ଡା, ପି-ଶରତ ଚନ୍ଦ୍ର ପଣ୍ଡା, ଗ୍ରା-୫/୭୦୩, ଏଫ୍ ଏନ୍ଦ୍ର ସୋସାଇଟି, ଡଡ଼ିଆ, ଭୁବନେଶ୍ୱର
	ବରାକ	୧୬୬୨	ସରକାରୀ	ପତିତ	୧.୧୫୦	ପୂର୍ତ୍ତ ବିଭାଗ
	ବରାକ	୧୬୬୩	ସରକାରୀ	ଗୋଚର	୦.୦୫୦	ଜଳସମ୍ପଦ ବିଭାଗ
	ବରାକ	୧୬୬୪	ସରକାରୀ	ଦେବତ୍ତୋର	୦.୦୫୦	ରାସ୍ତାରାସାଦ
	ବରାକ	୧୬୬୬	ସରକାରୀ	ଜଳସେଚନ	୦.୦୨୫	ରାସ୍ତା
	ବରାକ	୧୬୭୫	ସରକାରୀ	ପତିତ	୨.୫୫୦	ପୂର୍ତ୍ତ ବିଭାଗ
	ବରାକ	୧୬୭୬	ସରକାରୀ	ଜଳସେଚନ	୩୫.୧୫୦	ପୂର୍ତ୍ତ ବିଭାଗ
	ବରାକ	୧୬୭୭	ସରକାରୀ	ପକ୍କା ରାସ୍ତା	୨.୫୩୦	ପୂର୍ତ୍ତ ବିଭାଗ
	ବରାକ	୧୬୭୮	ସରକାରୀ	ଜଳସେଚନ	୩୧.୫୫୦	ପୂର୍ତ୍ତ ବିଭାଗ
	ବରାକ	୧୬୭୯	ସରକାରୀ	ପତିତ	୦.୦୫୦	ଜଳସମ୍ପଦ ବିଭାଗ
	ବରାକ	୧୬୮୫	ସରକାରୀ	ଗୋଚର	୦.୦୫୦	ଜଳସମ୍ପଦ ବିଭାଗ
	ବରାକ	୧୬୮୬	ସରକାରୀ	ଜଳସେଚନ	୦.୨୫୦	ରାସ୍ତା
	ବରାକ	୧୬୮୭	ସରକାରୀ	ଜଳସେଚନ	୦.୦୦୫	ରାସ୍ତା
	ବରାକ	୧୬୮୮	ସରକାରୀ	ଜଳସେଚନ	୦.୦୫୦	ଜଳସମ୍ପଦ ବିଭାଗ
	ବରାକ	୧୬୮୯	ସରକାରୀ	ଜଳସେଚନ	୦.୦୦୫	ପୂର୍ତ୍ତ ବିଭାଗ
	ବରାକ	୧୬୯୦	ସରକାରୀ	ଜଳସେଚନ	୦.୦୦୫	ପୂର୍ତ୍ତ ବିଭାଗ
	ବରାକ	୪୫୦୪	ସରକାରୀ	ଜଳସେଚନ	୦.୦୫୫	ରାସ୍ତା
	ବରାକ	୪୫୦୮/୫୬୩୮	ସରକାରୀ	ଜଳସେଚନ	୦.୦୫୦	ପୂର୍ତ୍ତ ବିଭାଗ
	ବରାକ	୪୫୦୯/୫୬୯୯	ସରକାରୀ	ଜଳସେଚନ	୦.୦୫୦	ପୂର୍ତ୍ତ ବିଭାଗ
	ବରାକ	୪୫୧୧	ସରକାରୀ	ଜଳସେଚନ	୦.୦୫୦	ପୂର୍ତ୍ତ ବିଭାଗ
	ବରାକ	୪୫୧୩	ସରକାରୀ	ଜଳସେଚନ	୨.୫୫୦	ପୂର୍ତ୍ତ ବିଭାଗ
	ବରାକ	୪୫୧୪	ସରକାରୀ	ପତିତ	୦.୨୫୦	ପୂର୍ତ୍ତ ବିଭାଗ
	ବରାକ	୪୫୧୬	ସରକାରୀ	ଜଳସେଚନ	୦.୦୫୦	ପୂର୍ତ୍ତ ବିଭାଗ
	ବରାକ	୪୫୧୭	ସରକାରୀ	ଜଳସେଚନ	୦.୦୫୦	ପୂର୍ତ୍ତ ବିଭାଗ
	ବରାକ	୪୫୨୮	ସରକାରୀ	ଜଳସେଚନ	୦.୦୫୦	ରାସ୍ତା
	ବରାକ	୪୫୨୯	ସରକାରୀ	ଜଳସେଚନ	୦.୫୦୦	ପୂର୍ତ୍ତ ବିଭାଗ
	ବରାକ	୪୫୩୧	ସରକାରୀ	ଗୋଚର	୦.୦୫୦	ଜଳସମ୍ପଦ ବିଭାଗ
	ବରାକ	୪୫୩୨	ସରକାରୀ	ଗୋଚର	୦.୦୫୬	ଜଳସମ୍ପଦ ବିଭାଗ
	ବରାକ	୪୫୩୩	ସରକାରୀ	ଜୋରାର ଜଳ	୦.୩୦୦	ଜଳସମ୍ପଦ ବିଭାଗ
	ବରାକ	୪୫୩୮	ସରକାରୀ	ଗୋଚର	୦.୨୫୦	ଜଳସମ୍ପଦ ବିଭାଗ
	ବରାକ	୪୫୩୯	ସରକାରୀ	ବଣ	୦.୦୨୦	ଜଳସମ୍ପଦ ବିଭାଗ
	ବରାକ	୪୫୪୦	ସରକାରୀ	ଗୋଚର	୦.୦୫୦	ଜଳସମ୍ପଦ ବିଭାଗ
	ବରାକ	୪୫୪୧	ସରକାରୀ	ଗୋଚର	୦.୨୫୦	ଜଳସମ୍ପଦ ବିଭାଗ
[ F.No. NHAI/BOT/11012/58/2005/Pt./L.A/NH-5 ]
(MAYA PRAKASH) Dy. Secretary
